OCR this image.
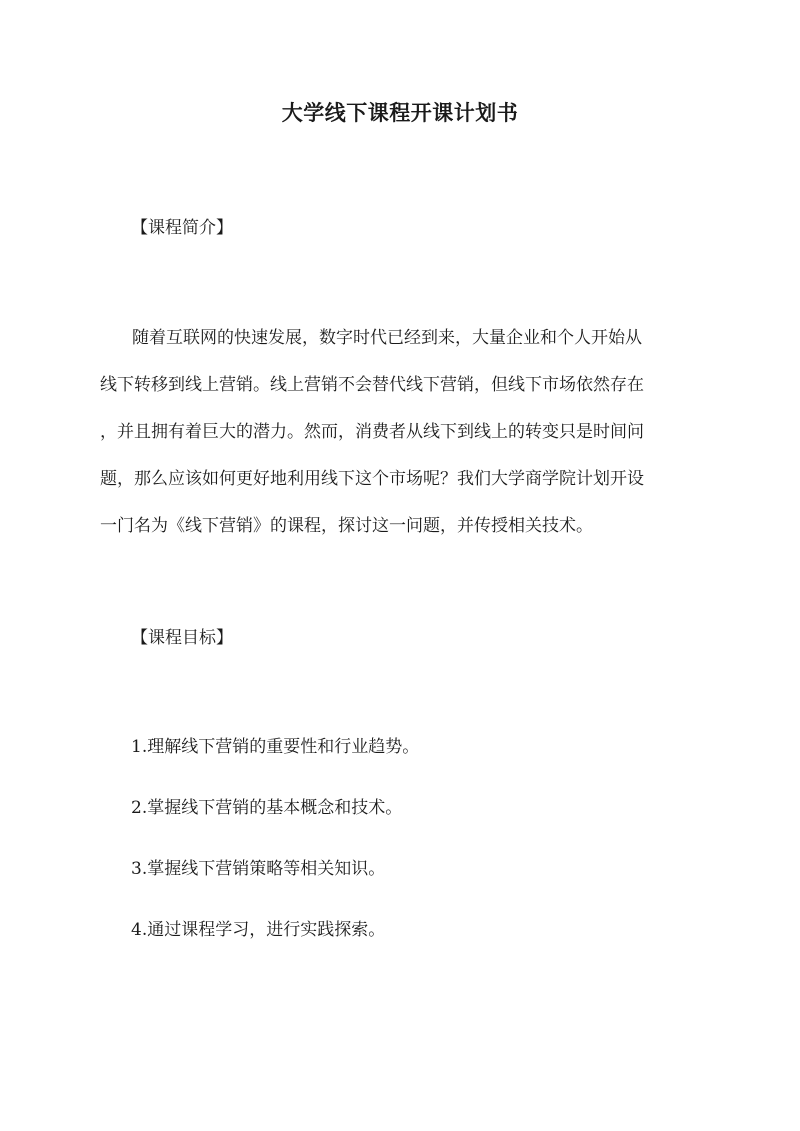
大学线下课程开课计划书

【课程简介】

随着互联网的快速发展，数字时代已经到来，大量企业和个人开始从
线下转移到线上营销。线上营销不会替代线下营销，但线下市场依然存在
，并且拥有着巨大的潜力。然而，消费者从线下到线上的转变只是时间问
题，那么应该如何更好地利用线下这个市场呢？我们大学商学院计划开设
一门名为《线下营销》的课程，探讨这一问题，并传授相关技术。

【课程目标】

1.理解线下营销的重要性和行业趋势。

2.掌握线下营销的基本概念和技术。

3.掌握线下营销策略等相关知识。

4.通过课程学习，进行实践探索。
